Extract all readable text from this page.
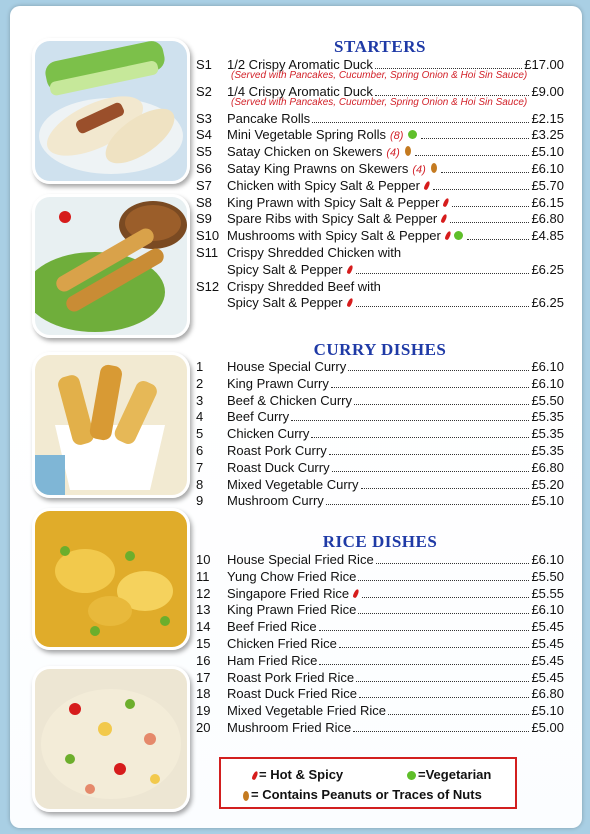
STARTERS
CURRY DISHES
RICE DISHES
S1	1/2 Crispy Aromatic Duck	£17.00
(Served with Pancakes, Cucumber, Spring Onion & Hoi Sin Sauce)
S2	1/4 Crispy Aromatic Duck	£9.00
(Served with Pancakes, Cucumber, Spring Onion & Hoi Sin Sauce)
S3	Pancake Rolls	£2.15
S4	Mini Vegetable Spring Rolls (8)	£3.25
S5	Satay Chicken on Skewers (4)	£5.10
S6	Satay King Prawns on Skewers (4)	£6.10
S7	Chicken with Spicy Salt & Pepper	£5.70
S8	King Prawn with Spicy Salt & Pepper	£6.15
S9	Spare Ribs with Spicy Salt & Pepper	£6.80
S10 Mushrooms with Spicy Salt & Pepper	£4.85
S11 Crispy Shredded Chicken with
Spicy Salt & Pepper	£6.25
S12 Crispy Shredded Beef with
Spicy Salt & Pepper	£6.25
1	House Special Curry	£6.10
2	King Prawn Curry	£6.10
3	Beef & Chicken Curry	£5.50
4	Beef Curry	£5.35
5	Chicken Curry	£5.35
6	Roast Pork Curry	£5.35
7	Roast Duck Curry	£6.80
8	Mixed Vegetable Curry	£5.20
9	Mushroom Curry	£5.10
10	House Special Fried Rice	£6.10
11	Yung Chow Fried Rice	£5.50
12	Singapore Fried Rice	£5.55
13	King Prawn Fried Rice	£6.10
14	Beef Fried Rice	£5.45
15	Chicken Fried Rice	£5.45
16	Ham Fried Rice	£5.45
17	Roast Pork Fried Rice	£5.45
18	Roast Duck Fried Rice	£6.80
19	Mixed Vegetable Fried Rice	£5.10
20	Mushroom Fried Rice	£5.00
= Hot & Spicy	=Vegetarian
= Contains Peanuts or Traces of Nuts
